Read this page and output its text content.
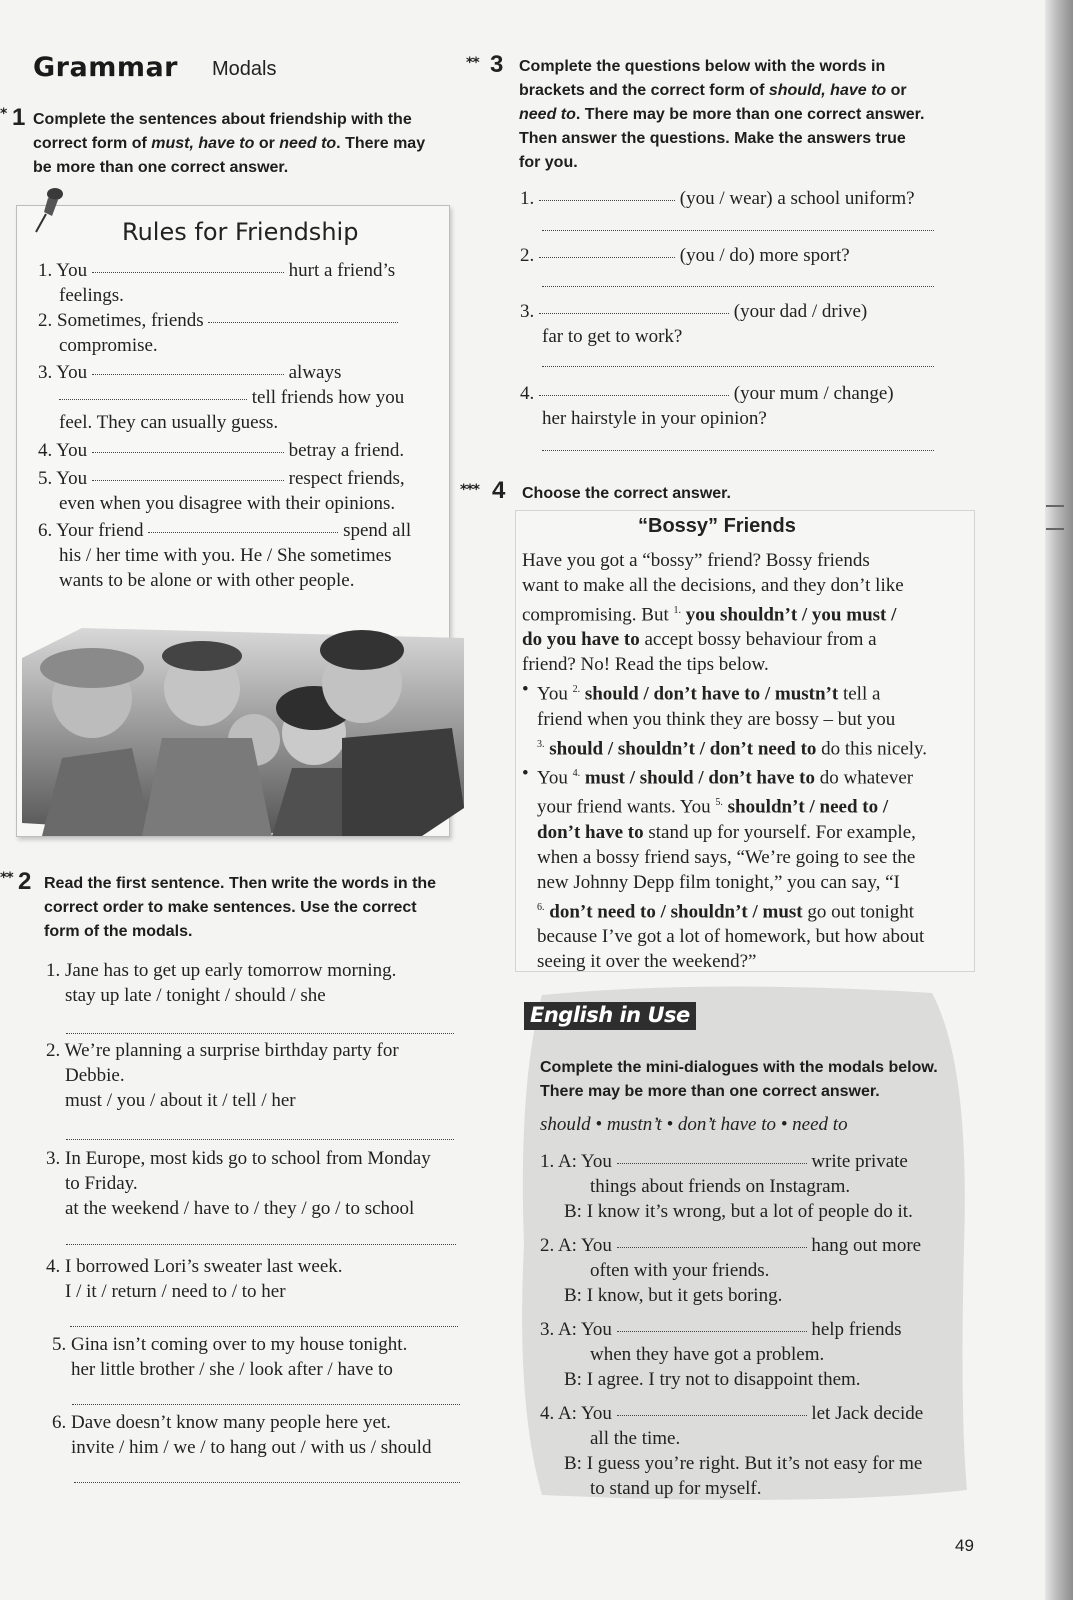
Grammar Modals
* 1 Complete the sentences about friendship with the
correct form of must, have to or need to. There may
be more than one correct answer.
Rules for Friendship
1. You	hurt a friend’s
feelings.
2. Sometimes, friends
compromise.
3. You	always
tell friends how you
feel. They can usually guess.
4. You	betray a friend.
5. You	respect friends,
even when you disagree with their opinions.
6. Your friend	spend all
his / her time with you. He / She sometimes
wants to be alone or with other people.
** 2 Read the first sentence. Then write the words in the
correct order to make sentences. Use the correct
form of the modals.
1. Jane has to get up early tomorrow morning.
stay up late / tonight / should / she
2. We’re planning a surprise birthday party for
Debbie.
must / you / about it / tell / her
3. In Europe, most kids go to school from Monday
to Friday.
at the weekend / have to / they / go / to school
4. I borrowed Lori’s sweater last week.
I / it / return / need to / to her
5. Gina isn’t coming over to my house tonight.
her little brother / she / look after / have to
6. Dave doesn’t know many people here yet.
invite / him / we / to hang out / with us / should
** 3 Complete the questions below with the words in
brackets and the correct form of should, have to or
need to. There may be more than one correct answer.
Then answer the questions. Make the answers true
for you.
1.	(you / wear) a school uniform?
2.	(you / do) more sport?
3.	(your dad / drive)
far to get to work?
4.	(your mum / change)
her hairstyle in your opinion?
*** 4 Choose the correct answer.
“Bossy” Friends
Have you got a “bossy” friend? Bossy friends
want to make all the decisions, and they don’t like
compromising. But $^{1.}$ you shouldn’t / you must /
do you have to accept bossy behaviour from a
friend? No! Read the tips below.
• You $^{2.}$ should / don’t have to / mustn’t tell a
friend when you think they are bossy – but you
$^{3.}$ should / shouldn’t / don’t need to do this nicely.
• You $^{4.}$ must / should / don’t have to do whatever
your friend wants. You $^{5.}$ shouldn’t / need to /
don’t have to stand up for yourself. For example,
when a bossy friend says, “We’re going to see the
new Johnny Depp film tonight,” you can say, “I
$^{6.}$ don’t need to / shouldn’t / must go out tonight
because I’ve got a lot of homework, but how about
seeing it over the weekend?”
English in Use
Complete the mini-dialogues with the modals below.
There may be more than one correct answer.
should • mustn’t • don’t have to • need to
1. A: You	write private
things about friends on Instagram.
B: I know it’s wrong, but a lot of people do it.
2. A: You	hang out more
often with your friends.
B: I know, but it gets boring.
3. A: You	help friends
when they have got a problem.
B: I agree. I try not to disappoint them.
4. A: You	let Jack decide
all the time.
B: I guess you’re right. But it’s not easy for me
to stand up for myself.
49
